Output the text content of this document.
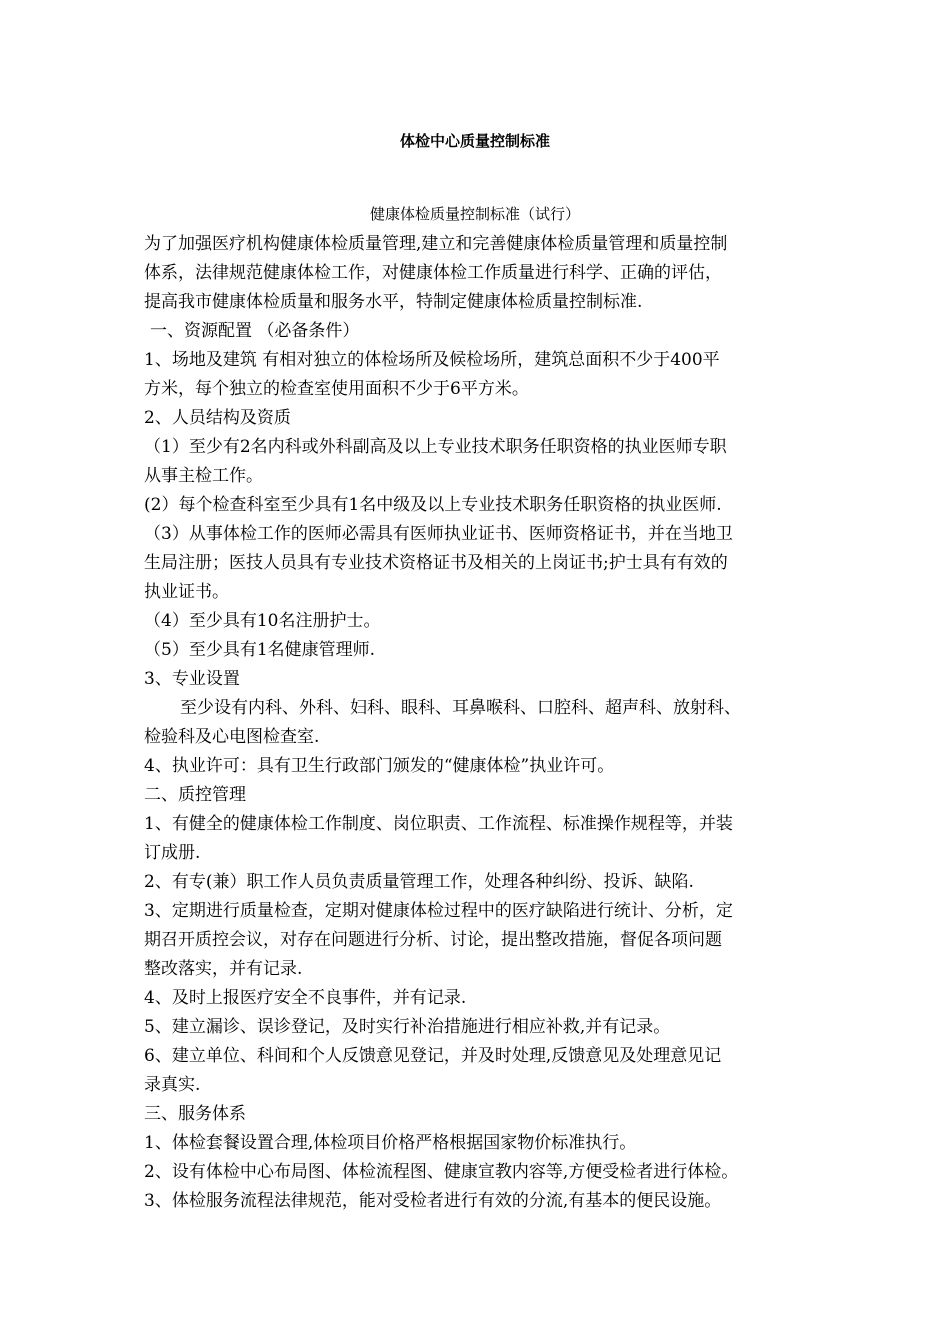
体检中心质量控制标准
健康体检质量控制标准（试行）

为了加强医疗机构健康体检质量管理,建立和完善健康体检质量管理和质量控制

体系，法律规范健康体检工作，对健康体检工作质量进行科学、正确的评估，

提高我市健康体检质量和服务水平，特制定健康体检质量控制标准.

一、资源配置 （必备条件）

1、场地及建筑 有相对独立的体检场所及候检场所，建筑总面积不少于400平

方米，每个独立的检查室使用面积不少于6平方米。

2、人员结构及资质

（1）至少有2名内科或外科副高及以上专业技术职务任职资格的执业医师专职

从事主检工作。

(2）每个检查科室至少具有1名中级及以上专业技术职务任职资格的执业医师.

（3）从事体检工作的医师必需具有医师执业证书、医师资格证书，并在当地卫

生局注册；医技人员具有专业技术资格证书及相关的上岗证书;护士具有有效的

执业证书。

（4）至少具有10名注册护士。

（5）至少具有1名健康管理师.

3、专业设置

至少设有内科、外科、妇科、眼科、耳鼻喉科、口腔科、超声科、放射科、

检验科及心电图检查室.

4、执业许可：具有卫生行政部门颁发的“健康体检”执业许可。

二、质控管理

1、有健全的健康体检工作制度、岗位职责、工作流程、标准操作规程等，并装

订成册.

2、有专(兼）职工作人员负责质量管理工作，处理各种纠纷、投诉、缺陷.

3、定期进行质量检查，定期对健康体检过程中的医疗缺陷进行统计、分析，定

期召开质控会议，对存在问题进行分析、讨论，提出整改措施，督促各项问题

整改落实，并有记录.

4、及时上报医疗安全不良事件，并有记录.

5、建立漏诊、误诊登记，及时实行补治措施进行相应补救,并有记录。

6、建立单位、科间和个人反馈意见登记，并及时处理,反馈意见及处理意见记

录真实.

三、服务体系

1、体检套餐设置合理,体检项目价格严格根据国家物价标准执行。

2、设有体检中心布局图、体检流程图、健康宣教内容等,方便受检者进行体检。

3、体检服务流程法律规范，能对受检者进行有效的分流,有基本的便民设施。
